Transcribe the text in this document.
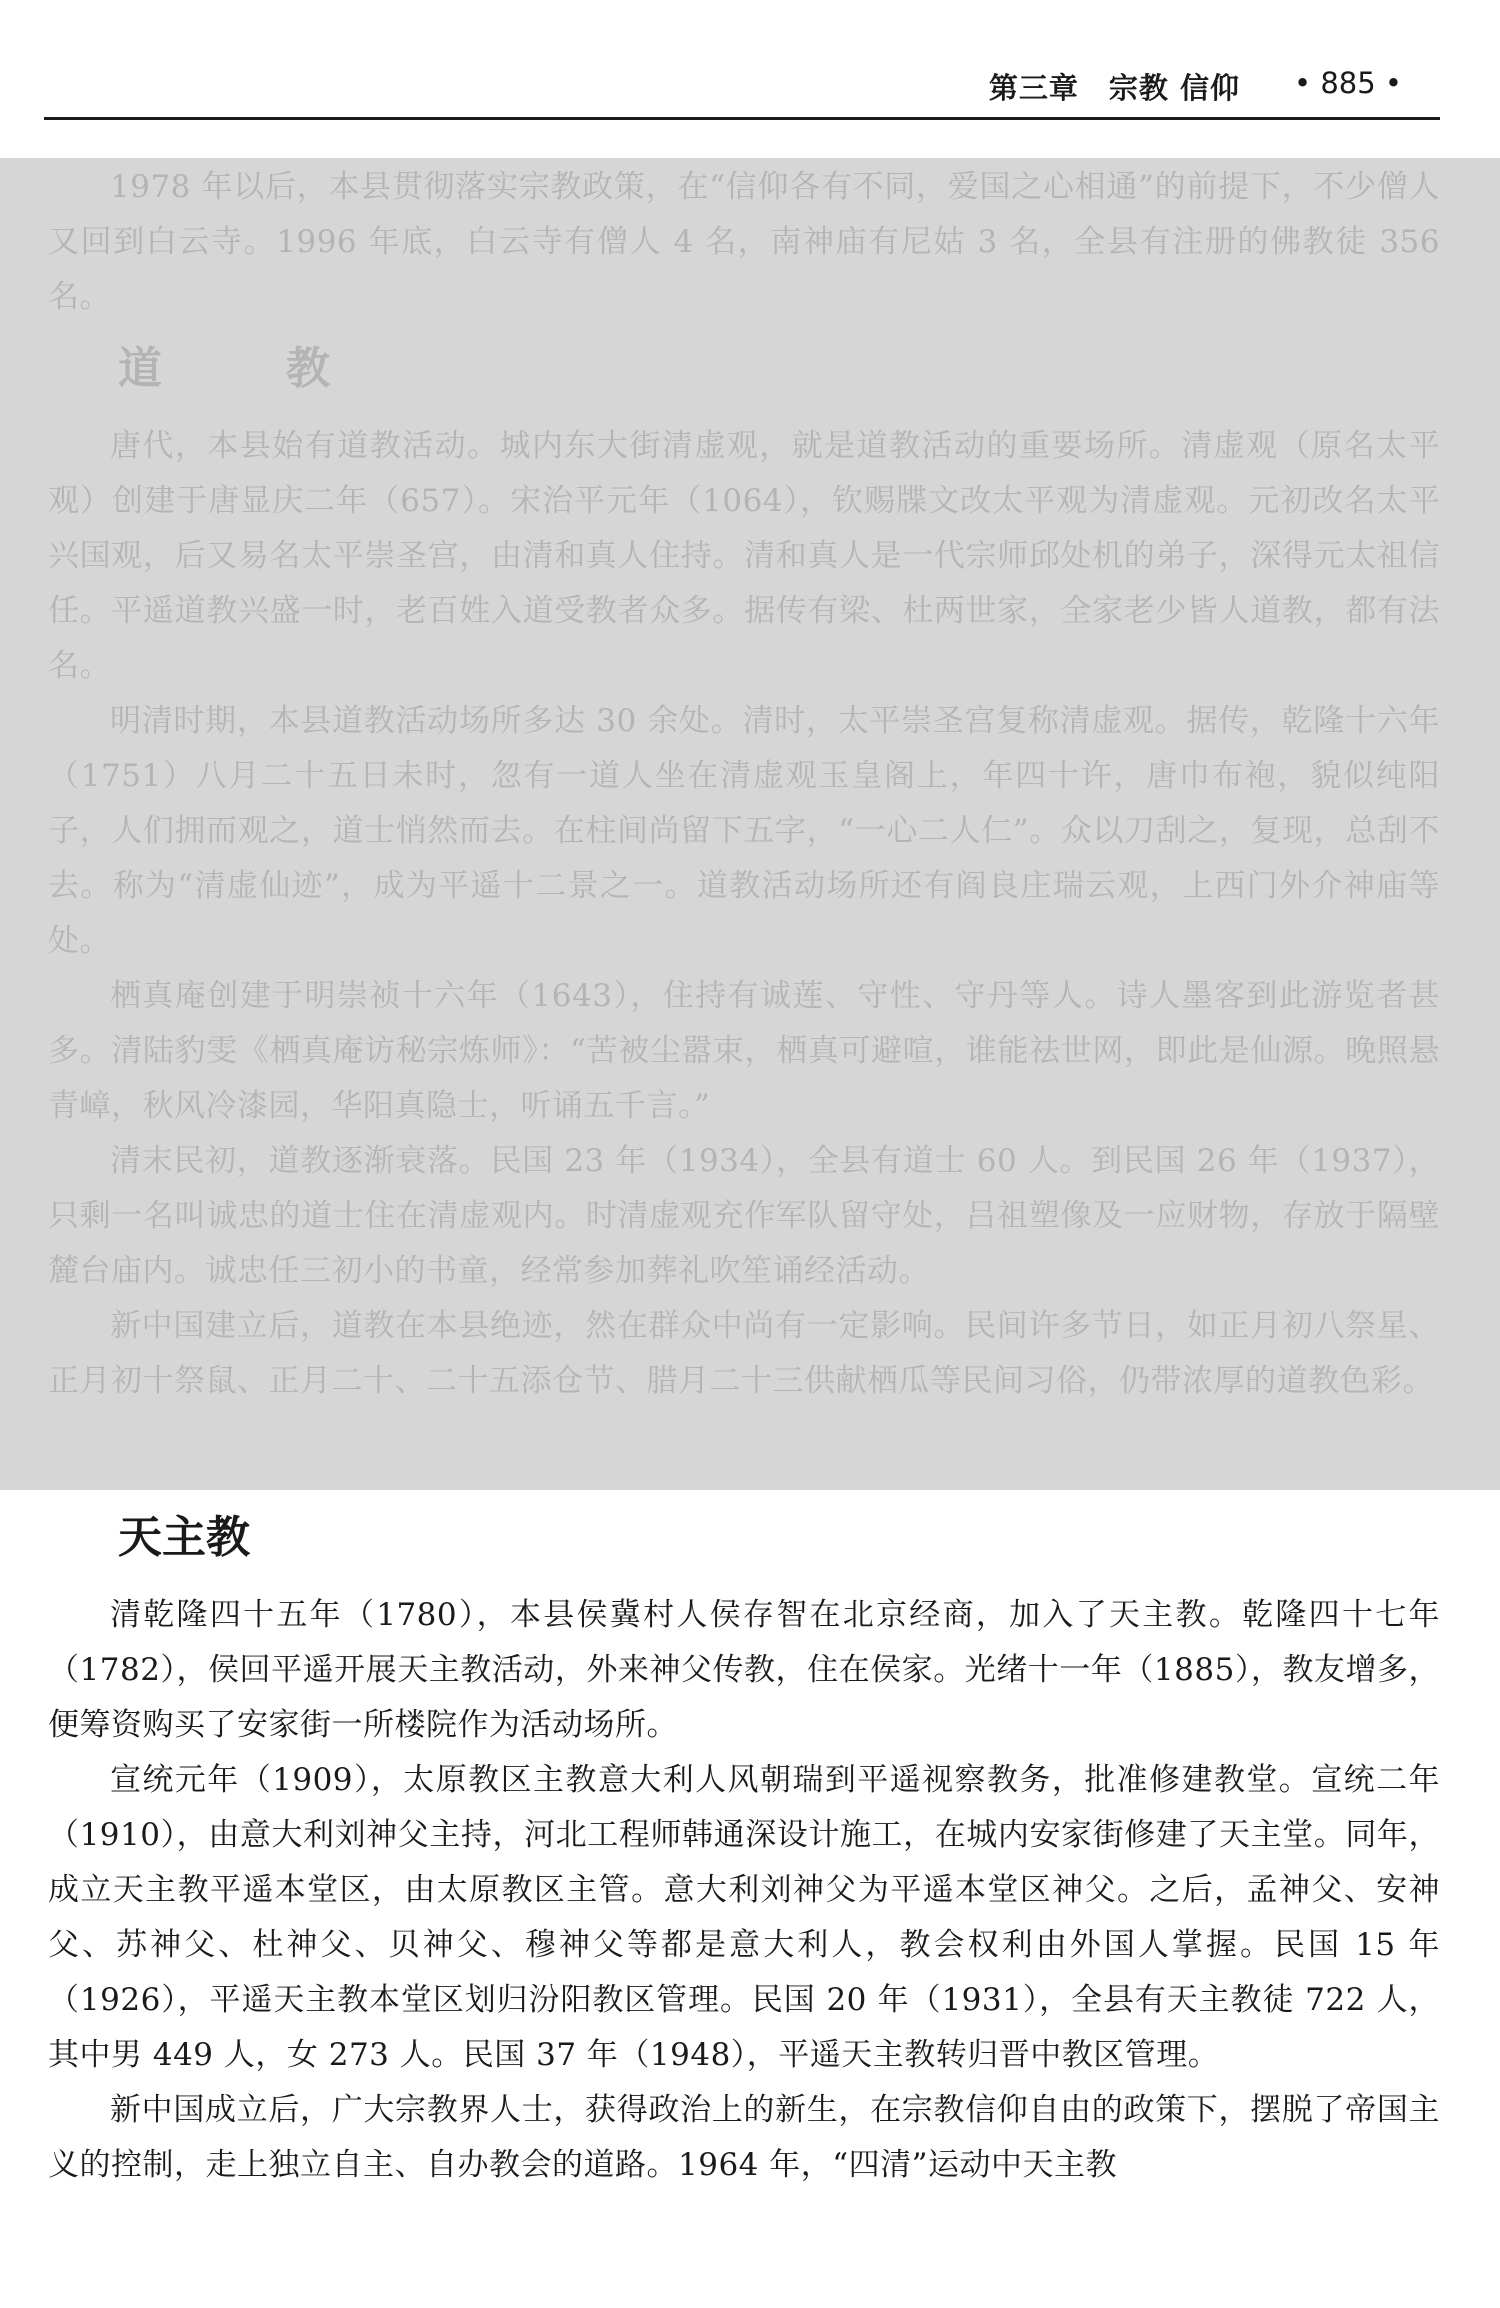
第三章　宗教 信仰 • 885 •

1978 年以后，本县贯彻落实宗教政策，在“信仰各有不同，爱国之心相通”的前提下，不少僧人又回到白云寺。1996 年底，白云寺有僧人 4 名，南神庙有尼姑 3 名，全县有注册的佛教徒 356 名。

道　教

唐代，本县始有道教活动。城内东大街清虚观，就是道教活动的重要场所。清虚观（原名太平观）创建于唐显庆二年（657）。宋治平元年（1064），钦赐牒文改太平观为清虚观。元初改名太平兴国观，后又易名太平崇圣宫，由清和真人住持。清和真人是一代宗师邱处机的弟子，深得元太祖信任。平遥道教兴盛一时，老百姓入道受教者众多。据传有梁、杜两世家，全家老少皆人道教，都有法名。

明清时期，本县道教活动场所多达 30 余处。清时，太平崇圣宫复称清虚观。据传，乾隆十六年（1751）八月二十五日未时，忽有一道人坐在清虚观玉皇阁上，年四十许，唐巾布袍，貌似纯阳子，人们拥而观之，道士悄然而去。在柱间尚留下五字，“一心二人仁”。众以刀刮之，复现，总刮不去。称为“清虚仙迹”，成为平遥十二景之一。道教活动场所还有阎良庄瑞云观，上西门外介神庙等处。

栖真庵创建于明崇祯十六年（1643），住持有诚莲、守性、守丹等人。诗人墨客到此游览者甚多。清陆豹雯《栖真庵访秘宗炼师》：“苦被尘嚣束，栖真可避喧，谁能祛世网，即此是仙源。晚照悬青嶂，秋风冷漆园，华阳真隐士，听诵五千言。”

清末民初，道教逐渐衰落。民国 23 年（1934），全县有道士 60 人。到民国 26 年（1937），只剩一名叫诚忠的道士住在清虚观内。时清虚观充作军队留守处，吕祖塑像及一应财物，存放于隔壁麓台庙内。诚忠任三初小的书童，经常参加葬礼吹笙诵经活动。

新中国建立后，道教在本县绝迹，然在群众中尚有一定影响。民间许多节日，如正月初八祭星、正月初十祭鼠、正月二十、二十五添仓节、腊月二十三供献栖瓜等民间习俗，仍带浓厚的道教色彩。

天主教

清乾隆四十五年（1780），本县侯冀村人侯存智在北京经商，加入了天主教。乾隆四十七年（1782），侯回平遥开展天主教活动，外来神父传教，住在侯家。光绪十一年（1885），教友增多，便筹资购买了安家街一所楼院作为活动场所。

宣统元年（1909），太原教区主教意大利人风朝瑞到平遥视察教务，批准修建教堂。宣统二年（1910），由意大利刘神父主持，河北工程师韩通深设计施工，在城内安家街修建了天主堂。同年，成立天主教平遥本堂区，由太原教区主管。意大利刘神父为平遥本堂区神父。之后，孟神父、安神父、苏神父、杜神父、贝神父、穆神父等都是意大利人，教会权利由外国人掌握。民国 15 年（1926），平遥天主教本堂区划归汾阳教区管理。民国 20 年（1931），全县有天主教徒 722 人，其中男 449 人，女 273 人。民国 37 年（1948），平遥天主教转归晋中教区管理。

新中国成立后，广大宗教界人士，获得政治上的新生，在宗教信仰自由的政策下，摆脱了帝国主义的控制，走上独立自主、自办教会的道路。1964 年，“四清”运动中天主教
